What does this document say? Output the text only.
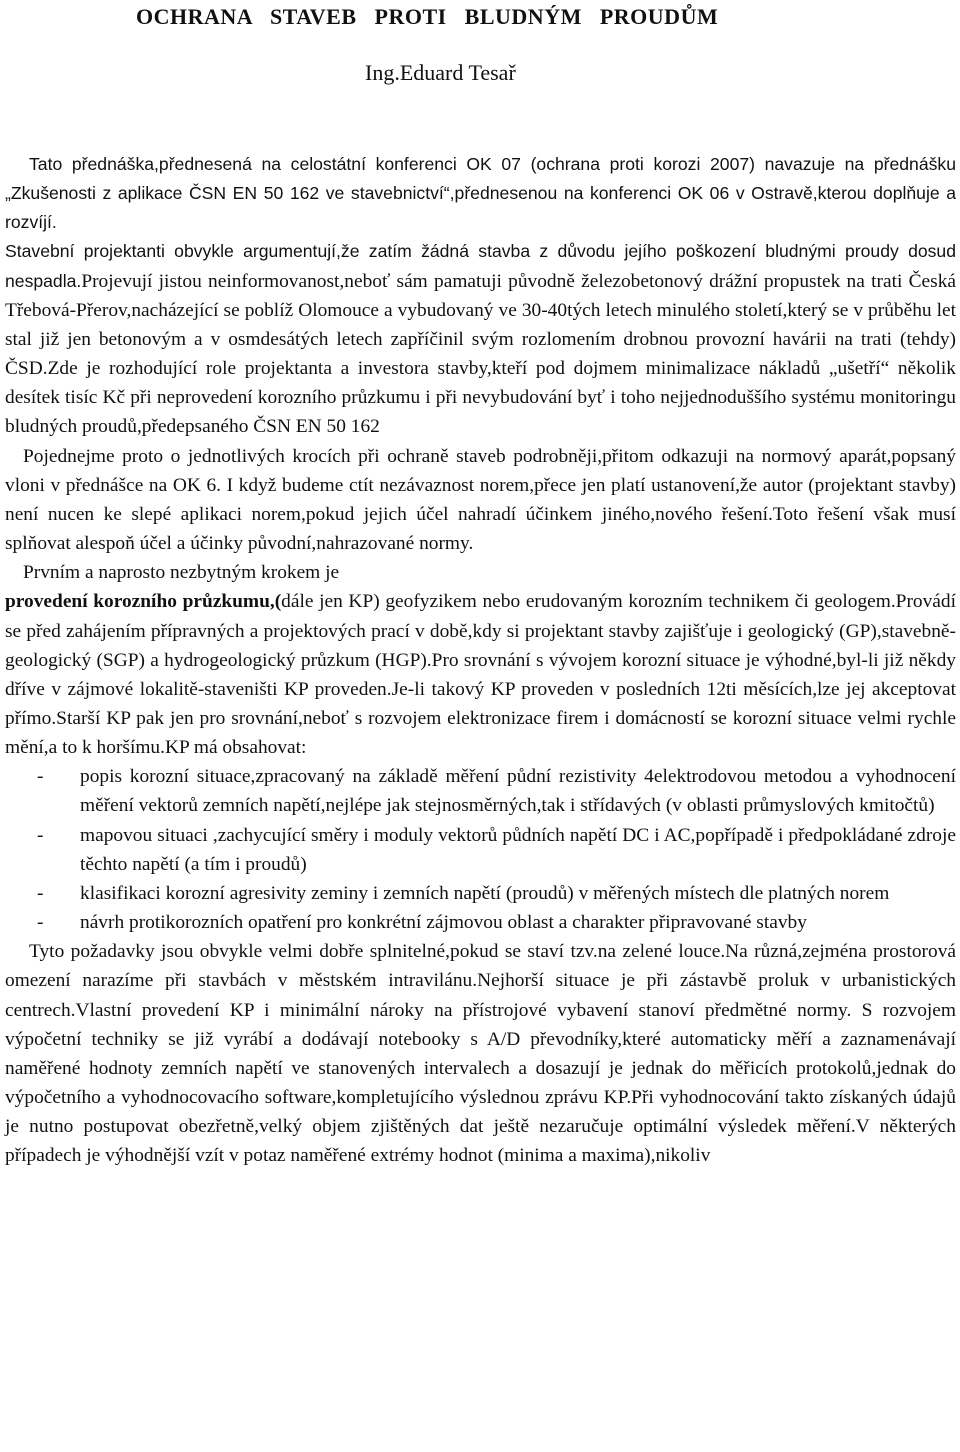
OCHRANA   STAVEB   PROTI   BLUDNÝM   PROUDŮM
Ing.Eduard Tesař

Tato přednáška,přednesená na celostátní konferenci OK 07 (ochrana proti korozi 2007) navazuje na přednášku „Zkušenosti z aplikace ČSN EN 50 162 ve stavebnictví“,přednesenou na konferenci OK 06 v Ostravě,kterou doplňuje a rozvíjí.

Stavební projektanti obvykle argumentují,že zatím žádná stavba z důvodu jejího poškození bludnými proudy dosud nespadla.Projevují jistou neinformovanost,neboť sám pamatuji původně železobetonový drážní propustek na trati Česká Třebová-Přerov,nacházející se poblíž Olomouce a vybudovaný ve 30-40tých letech minulého století,který se v průběhu let stal již jen betonovým a v osmdesátých letech zapříčinil svým rozlomením drobnou provozní havárii na trati (tehdy) ČSD.Zde je rozhodující role projektanta a investora stavby,kteří pod dojmem minimalizace nákladů „ušetří“ několik desítek tisíc Kč při neprovedení korozního průzkumu i při nevybudování byť i toho nejjednoduššího systému monitoringu bludných proudů,předepsaného ČSN EN 50 162

Pojednejme proto o jednotlivých krocích při ochraně staveb podrobněji,přitom odkazuji na normový aparát,popsaný vloni v přednášce na OK 6. I když budeme ctít nezávaznost norem,přece jen platí ustanovení,že autor (projektant stavby) není nucen ke slepé aplikaci norem,pokud jejich účel nahradí účinkem jiného,nového řešení.Toto řešení však musí splňovat alespoň účel a účinky původní,nahrazované normy.

Prvním a naprosto nezbytným krokem je

provedení korozního průzkumu,(dále jen KP) geofyzikem nebo erudovaným korozním technikem či geologem.Provádí se před zahájením přípravných a projektových prací v době,kdy si projektant stavby zajišťuje i geologický (GP),stavebně-geologický (SGP) a hydrogeologický průzkum (HGP).Pro srovnání s vývojem korozní situace je výhodné,byl-li již někdy dříve v zájmové lokalitě-staveništi KP proveden.Je-li takový KP proveden v posledních 12ti měsících,lze jej akceptovat přímo.Starší KP pak jen pro srovnání,neboť s rozvojem elektronizace firem i domácností se korozní situace velmi rychle mění,a to k horšímu.KP má obsahovat:

- popis korozní situace,zpracovaný na základě měření půdní rezistivity 4elektrodovou metodou a vyhodnocení měření vektorů zemních napětí,nejlépe jak stejnosměrných,tak i střídavých (v oblasti průmyslových kmitočtů)
- mapovou situaci ,zachycující směry i moduly vektorů půdních napětí DC i AC,popřípadě i předpokládané zdroje těchto napětí (a tím i proudů)
- klasifikaci korozní agresivity zeminy i zemních napětí (proudů) v měřených místech dle platných norem
- návrh protikorozních opatření pro konkrétní zájmovou oblast a charakter připravované stavby

Tyto požadavky jsou obvykle velmi dobře splnitelné,pokud se staví tzv.na zelené louce.Na různá,zejména prostorová omezení narazíme při stavbách v městském intravilánu.Nejhorší situace je při zástavbě proluk v urbanistických centrech.Vlastní provedení KP i minimální nároky na přístrojové vybavení stanoví předmětné normy. S rozvojem výpočetní techniky se již vyrábí a dodávají notebooky s A/D převodníky,které automaticky měří a zaznamenávají naměřené hodnoty zemních napětí ve stanovených intervalech a dosazují je jednak do měřicích protokolů,jednak do výpočetního a vyhodnocovacího software,kompletujícího výslednou zprávu KP.Při vyhodnocování takto získaných údajů je nutno postupovat obezřetně,velký objem zjištěných dat ještě nezaručuje optimální výsledek měření.V některých případech je výhodnější vzít v potaz naměřené extrémy hodnot (minima a maxima),nikoliv
